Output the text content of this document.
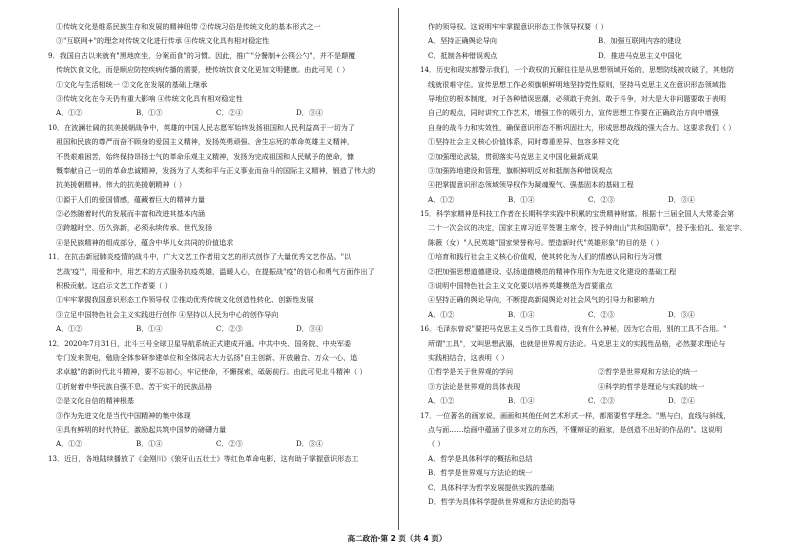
①传统文化是维系民族生存和发展的精神纽带 ②传统习俗是传统文化的基本形式之一
③"互联网+"的理念对传统文化进行传承 ④传统文化具有相对稳定性
9．我国自古以来就有"黑地庶坐，分案而食"的习惯。因此，推广"分餐制+公筷公勺"，并不是颠覆
传统饮食文化，而是顺应防控疾病传播的需要，使传统饮食文化更加文明健康。由此可见（ ）
①文化与生活相统一 ②文化在发展的基础上继承
③传统文化在今天仍有重大影响 ④传统文化具有相对稳定性
A．①②	B．①③	C．②④	D．③④
10．在波澜壮阔的抗美援朝战争中，英雄的中国人民志愿军始终发扬祖国和人民利益高于一切为了
祖国和民族的尊严而奋不顾身的爱国主义精神，发扬英勇顽强、舍生忘死的革命英雄主义精神，
不畏艰难困苦，始终保持昂扬士气的革命乐观主义精神，发扬为完成祖国和人民赋予的使命，慷
慨奉献自己一切的革命忠诚精神，发扬为了人类和平与正义事业而奋斗的国际主义精神，锻造了伟大的
抗美援朝精神。伟大的抗美援朝精神（ ）
①源于人们的爱国情感，蕴藏着巨大的精神力量
②必然随着时代的发展而丰富和改进其基本内涵
③跨越时空、历久弥新，必须永续传承、世代发扬
④是民族精神的组成部分，蕴含中华儿女共同的价值追求
11．在抗击新冠肺炎疫情的战斗中，广大文艺工作者用文艺的形式创作了大量优秀文艺作品。"以
艺战'疫'"，用爱和中，用艺术的方式服务抗疫英雄，温暖人心，在提振战"疫"的信心和勇气方面作出了
积极贡献。这启示文艺工作者要（ ）
①牢牢掌握我国意识形态工作领导权 ②推动优秀传统文化创造性转化、创新性发展
③立足中国特色社会主义实践进行创作 ④坚持以人民为中心的创作导向
A．①②	B．①④	C．②③	D．③④
12．2020年7月31日，北斗三号全球卫星导航系统正式建成开通。中共中央、国务院、中央军委
专门发来贺电，勉励全体参研参建单位和全体同志大力弘扬"自主创新、开放融合、万众一心、追
求卓越"的新时代北斗精神，要不忘初心，牢记使命，不懈探索，砥砺前行。由此可见北斗精神（ ）
①折射着中华民族自强不息、苦干实干的民族品格
②是文化自信的精神根基
③作为先进文化是当代中国精神的集中体现
④具有鲜明的时代特征，激励起共筑中国梦的磅礴力量
A．①②	B．①④	C．②③	D．③④
13．近日，各地陆续播放了《金刚川》《狼牙山五壮士》等红色革命电影，这有助于掌握意识形态工
作的领导权。这说明牢牢掌握意识形态工作领导权要（ ）
A．坚持正确舆论导向	B．加强互联网内容的建设
C．抵制各种错误观点	D．推进马克思主义中国化
14．历史和现实都警示我们，一个政权的瓦解往往是从思想领域开始的，思想防线被攻破了，其他防
线就很难守住。宣传思想工作必须旗帜鲜明地坚持党性原则，坚持马克思主义在意识形态领域指
导地位的根本制度，对于各种错误思潮，必须敢于亮剑、敢于斗争，对大是大非问题要敢于表明
自己的观点，同时讲究工作艺术，增强工作的吸引力，宣传思想工作要在正确政治方向中增强
自身的战斗力和实效性，确保意识形态不断巩固壮大，形成思想战线的强大合力。这要求我们（ ）
①坚持社会主义核心价值体系，同时尊重差异、包容多样文化
②加强理论武装，贯彻落实马克思主义中国化最新成果
③加强阵地建设和管理，旗帜鲜明反对和抵制各种错误观点
④把掌握意识形态领域领导权作为凝魂聚气、强基固本的基础工程
A．①②	B．①④	C．②③	D．③④
15．科学家精神是科技工作者在长期科学实践中积累的宝贵精神财富。根据十三届全国人大常委会第
二十一次会议的决定，国家主席习近平签署主席令，授予钟南山"共和国勋章"，授予张伯礼、张定宇、
陈薇（女）"人民英雄"国家荣誉称号。塑造新时代"英雄形象"的目的是（ ）
①培育和践行社会主义核心价值观，使其转化为人们的情感认同和行为习惯
②把加强思想道德建设、弘扬道德模范的精神作用作为先进文化建设的基础工程
③说明中国特色社会主义文化要以培养英雄模范为首要重点
④坚持正确的舆论导向，不断提高新闻舆论对社会风气的引导力和影响力
A．①②	B．①④	C．②③	D．③④
16．毛泽东曾说"要把马克思主义当作工具看待，没有什么神秘，因为它合用，别的工具不合用。"
所谓"工具"，又叫思想武器，也就是世界观方法论。马克思主义的实践性品格，必然要求理论与
实践相结合，这表明（ ）
①哲学是关于世界观的学问	②哲学是世界观和方法论的统一
③方法论是世界观的具体表现	④科学的哲学是理论与实践的统一
A．①②	B．①④	C．②③	D．②④
17．一位著名的画家说，画画和其他任何艺术形式一样，都需要哲学理念。"黑与白，直线与斜线，
点与面……绘画中蕴涵了很多对立的东西，不懂辩证的画家，是创造不出好的作品的"。这说明
（ ）
A．哲学是具体科学的概括和总结
B．哲学是世界观与方法论的统一
C．具体科学为哲学发展提供实践的基础
D．哲学为具体科学提供世界观和方法论的指导
高二政治·第 2 页（共 4 页）
